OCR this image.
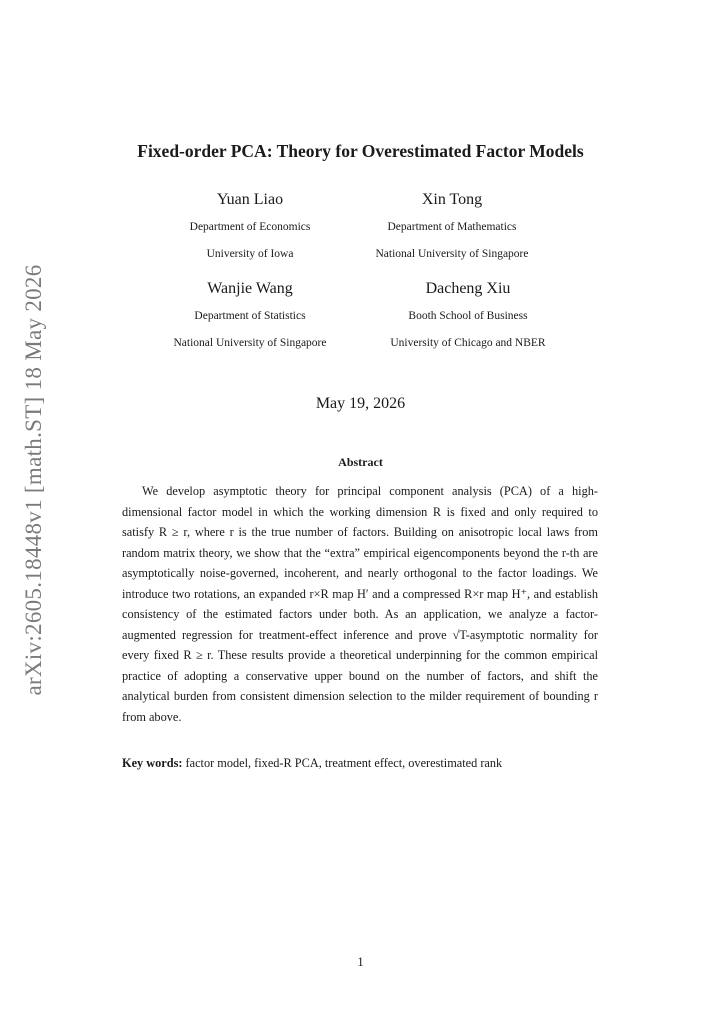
arXiv:2605.18448v1 [math.ST] 18 May 2026
Fixed-order PCA: Theory for Overestimated Factor Models
Yuan Liao
Department of Economics
University of Iowa
Xin Tong
Department of Mathematics
National University of Singapore
Wanjie Wang
Department of Statistics
National University of Singapore
Dacheng Xiu
Booth School of Business
University of Chicago and NBER
May 19, 2026
Abstract

We develop asymptotic theory for principal component analysis (PCA) of a high-dimensional factor model in which the working dimension R is fixed and only required to satisfy R ≥ r, where r is the true number of factors. Building on anisotropic local laws from random matrix theory, we show that the “extra” empirical eigencomponents beyond the r-th are asymptotically noise-governed, incoherent, and nearly orthogonal to the factor loadings. We introduce two rotations, an expanded r×R map H′ and a compressed R×r map H⁺, and establish consistency of the estimated factors under both. As an application, we analyze a factor-augmented regression for treatment-effect inference and prove √T-asymptotic normality for every fixed R ≥ r. These results provide a theoretical underpinning for the common empirical practice of adopting a conservative upper bound on the number of factors, and shift the analytical burden from consistent dimension selection to the milder requirement of bounding r from above.

Key words: factor model, fixed-R PCA, treatment effect, overestimated rank
1
